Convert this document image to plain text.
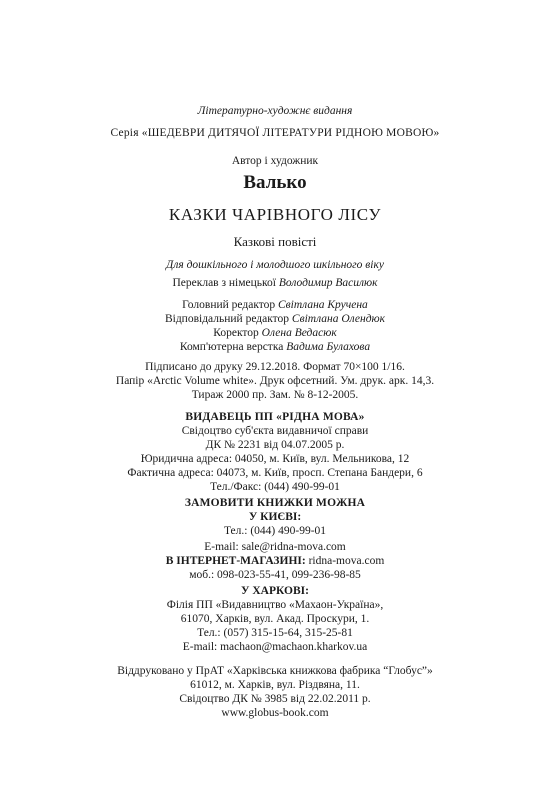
Літературно-художнє видання
Серія «ШЕДЕВРИ ДИТЯЧОЇ ЛІТЕРАТУРИ РІДНОЮ МОВОЮ»
Автор і художник
Валько
КАЗКИ ЧАРІВНОГО ЛІСУ
Казкові повісті
Для дошкільного і молодшого шкільного віку
Переклав з німецької Володимир Василюк
Головний редактор Світлана Кручена
Відповідальний редактор Світлана Олендюк
Коректор Олена Ведасюк
Комп'ютерна верстка Вадима Булахова
Підписано до друку 29.12.2018. Формат 70×100 1/16.
Папір «Arctic Volume white». Друк офсетний. Ум. друк. арк. 14,3.
Тираж 2000 пр. Зам. № 8-12-2005.
ВИДАВЕЦЬ ПП «РІДНА МОВА»
Свідоцтво суб'єкта видавничої справи
ДК № 2231 від 04.07.2005 р.
Юридична адреса: 04050, м. Київ, вул. Мельникова, 12
Фактична адреса: 04073, м. Київ, просп. Степана Бандери, 6
Тел./Факс: (044) 490-99-01
ЗАМОВИТИ КНИЖКИ МОЖНА
У КИЄВІ:
Тел.: (044) 490-99-01
E-mail: sale@ridna-mova.com
В ІНТЕРНЕТ-МАГАЗИНІ: ridna-mova.com
моб.: 098-023-55-41, 099-236-98-85
У ХАРКОВІ:
Філія ПП «Видавництво «Махаон-Україна»,
61070, Харків, вул. Акад. Проскури, 1.
Тел.: (057) 315-15-64, 315-25-81
E-mail: machaon@machaon.kharkov.ua
Віддруковано у ПрАТ «Харківська книжкова фабрика “Глобус”»
61012, м. Харків, вул. Різдвяна, 11.
Свідоцтво ДК № 3985 від 22.02.2011 р.
www.globus-book.com
